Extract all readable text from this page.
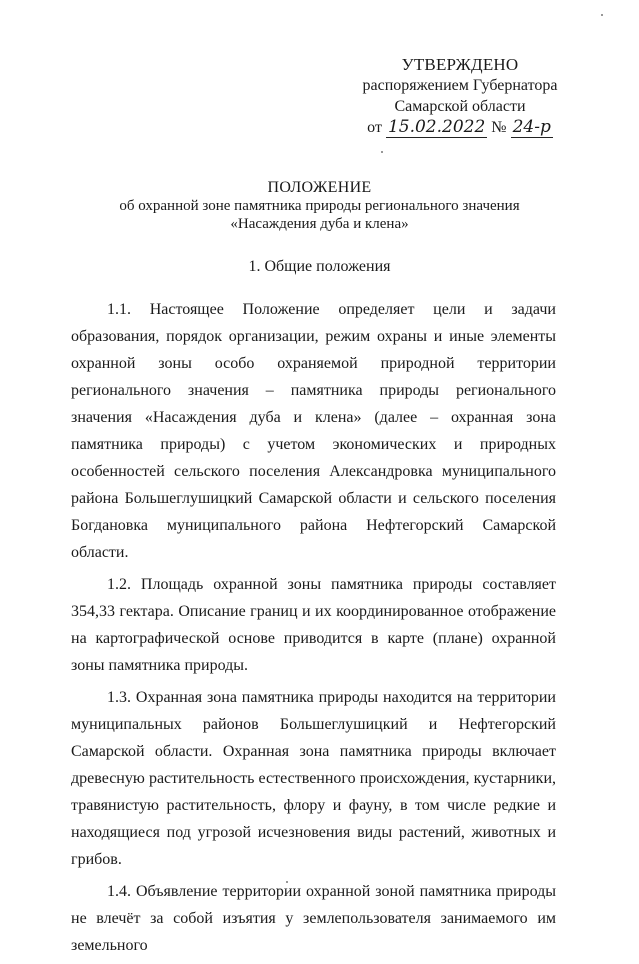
УТВЕРЖДЕНО
распоряжением Губернатора
Самарской области
от 15.02.2022 № 24-р
ПОЛОЖЕНИЕ
об охранной зоне памятника природы регионального значения
«Насаждения дуба и клена»
1. Общие положения

1.1. Настоящее Положение определяет цели и задачи образования, порядок организации, режим охраны и иные элементы охранной зоны особо охраняемой природной территории регионального значения – памятника природы регионального значения «Насаждения дуба и клена» (далее – охранная зона памятника природы) с учетом экономических и природных особенностей сельского поселения Александровка муниципального района Большеглушицкий Самарской области и сельского поселения Богдановка муниципального района Нефтегорский Самарской области.

1.2. Площадь охранной зоны памятника природы составляет 354,33 гектара. Описание границ и их координированное отображение на картографической основе приводится в карте (плане) охранной зоны памятника природы.

1.3. Охранная зона памятника природы находится на территории муниципальных районов Большеглушицкий и Нефтегорский Самарской области. Охранная зона памятника природы включает древесную растительность естественного происхождения, кустарники, травянистую растительность, флору и фауну, в том числе редкие и находящиеся под угрозой исчезновения виды растений, животных и грибов.

1.4. Объявление территории охранной зоной памятника природы не влечёт за собой изъятия у землепользователя занимаемого им земельного
